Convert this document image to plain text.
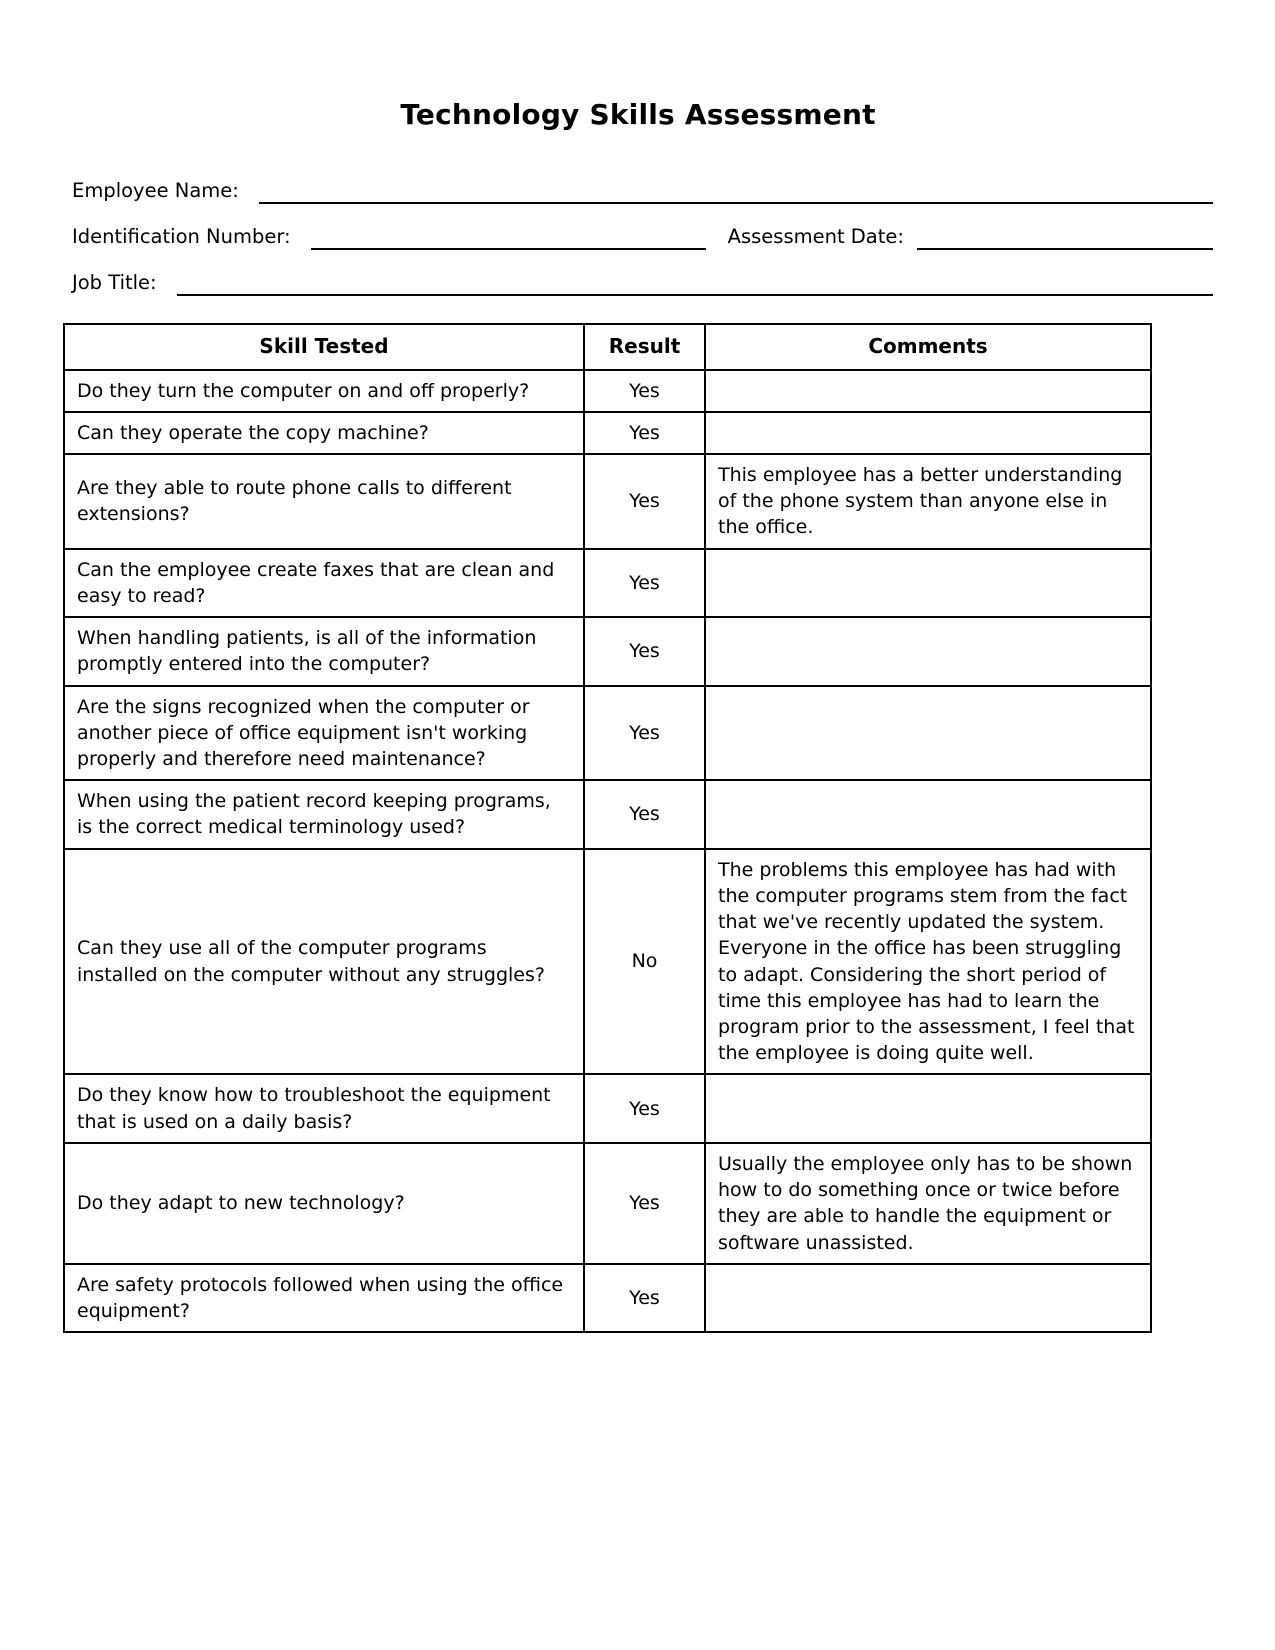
Technology Skills Assessment
Employee Name:
Identification Number:	Assessment Date:
Job Title:
Skill Tested	Result	Comments
Do they turn the computer on and off properly?	Yes	
Can they operate the copy machine?	Yes	
Are they able to route phone calls to different extensions?	Yes	This employee has a better understanding of the phone system than anyone else in the office.
Can the employee create faxes that are clean and easy to read?	Yes	
When handling patients, is all of the information promptly entered into the computer?	Yes	
Are the signs recognized when the computer or another piece of office equipment isn't working properly and therefore need maintenance?	Yes	
When using the patient record keeping programs, is the correct medical terminology used?	Yes	
Can they use all of the computer programs installed on the computer without any struggles?	No	The problems this employee has had with the computer programs stem from the fact that we've recently updated the system. Everyone in the office has been struggling to adapt. Considering the short period of time this employee has had to learn the program prior to the assessment, I feel that the employee is doing quite well.
Do they know how to troubleshoot the equipment that is used on a daily basis?	Yes	
Do they adapt to new technology?	Yes	Usually the employee only has to be shown how to do something once or twice before they are able to handle the equipment or software unassisted.
Are safety protocols followed when using the office equipment?	Yes	
